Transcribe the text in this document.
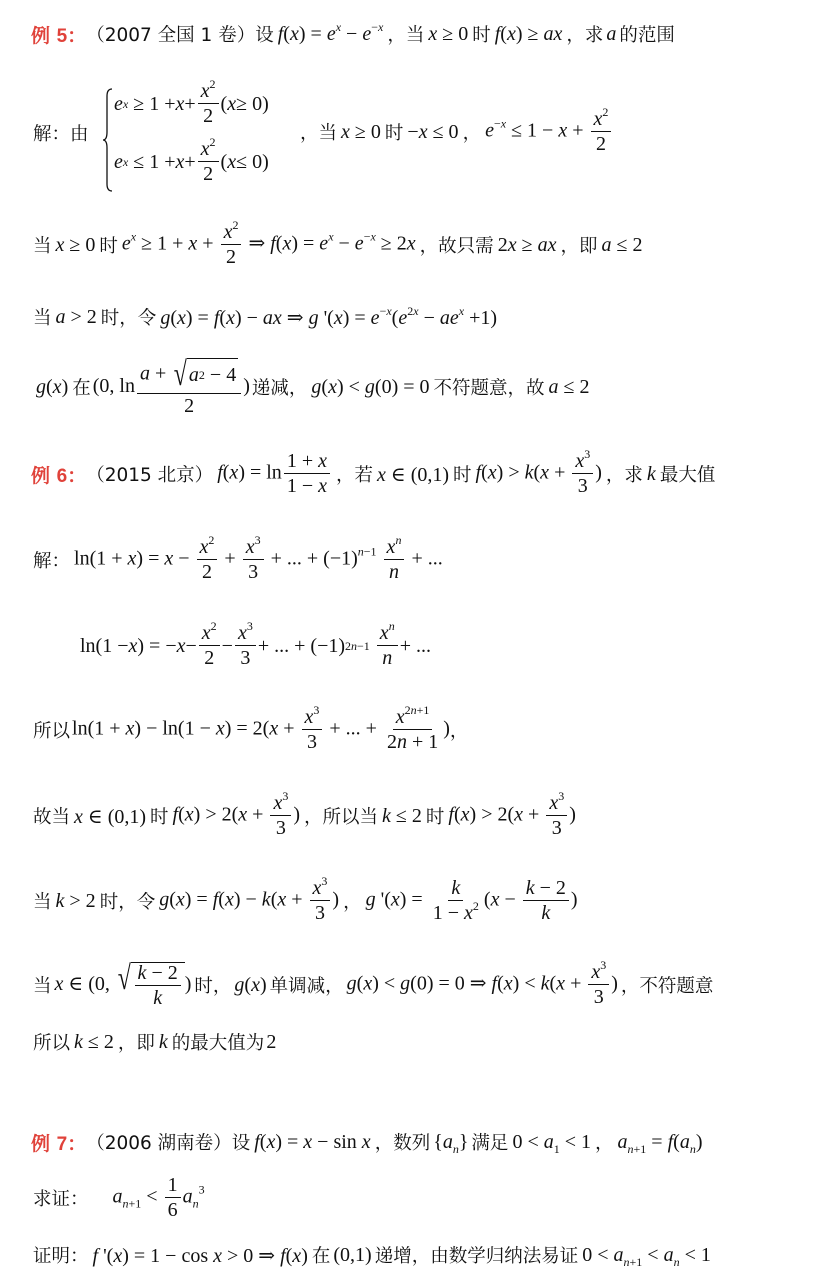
例 5： （2007 全国 1 卷） 设 $f(x) = e^x - e^{-x}$ ，当 x ≥ 0 时 f(x) ≥ ax ，求 a 的范围
解：由
e x ≥ 1 + x +
$x^2$
2
( x ≥ 0)
e x ≤ 1 + x +
$x^2$
2
( x ≤ 0)
，当 x ≥ 0 时 −x ≤ 0 ， $e^{-x} \le 1 - x + \frac{x^2}{2}$
当 x ≥ 0 时 $e^x \ge 1 + x + \frac{x^2}{2}$ ⇒ $f(x) = e^x - e^{-x} \ge 2x$ ，故只需 2x ≥ ax ，即 a ≤ 2
当 a > 2 时，令 g(x) = f(x) − ax ⇒ g '$(x) = e^{-x}(e^{2x} - ae^x +1)$
g(x) 在 (0, $\ln \frac{a + √ a 2 - 4}{2}$ ) 递减， g(x) < g(0) = 0 不符题意，故 a ≤ 2
例 6： （2015 北京） $f(x) = \ln \frac{1 + x}{1 - x}$ ，若 x ∈ (0,1) 时 $f(x) > k(x + \frac{x^3}{3}$ ) ，求 k 最大值
解： $\ln(1 + x) = x - \frac{x^2}{2} + \frac{x^3}{3}$ + ... + $(-1)^{n-1} \frac{x^n}{n}$ + ...
ln(1 − x ) = − x −
$x^2$
2
−
$x^3$
3
+ ... + (−1) 2n−1

$x^n$
n
+ ...
所以 $\ln(1 + x) - \ln(1 - x) = 2(x + \frac{x^3}{3}$ + ... + $\frac{x^{2n+1}}{2n + 1}$ ) ，
故当 x ∈ (0,1) 时 $f(x) > 2(x + \frac{x^3}{3}$ ) ，所以当 k ≤ 2 时 $f(x) > 2(x + \frac{x^3}{3}$ )
当 k > 2 时，令 $g(x) = f(x) - k(x + \frac{x^3}{3}$ ) ， g '$(x) = \frac{k}{1 - x^2} (x - \frac{k - 2}{k}$ )
当 x ∈ (0, √ k − 2
k
) 时， g(x) 单调减， g(x) < g(0) = 0 ⇒ $f(x) < k(x + \frac{x^3}{3}$ ) ，不符题意
所以 k ≤ 2 ，即 k 的最大值为 2
例 7： （2006 湖南卷） 设 f(x) = x − sin x ，数列 $\{a_n\}$ 满足 $0 < a_1 < 1$ ， $a_{n+1} = f(a_n)$
求证： $a_{n+1} < \frac{1}{6} a_n^3$
证明： f '(x) = 1 − cos x > 0 ⇒ f(x) 在 (0,1) 递增，由数学归纳法易证 $0 < a_{n+1} < a_n < 1$
